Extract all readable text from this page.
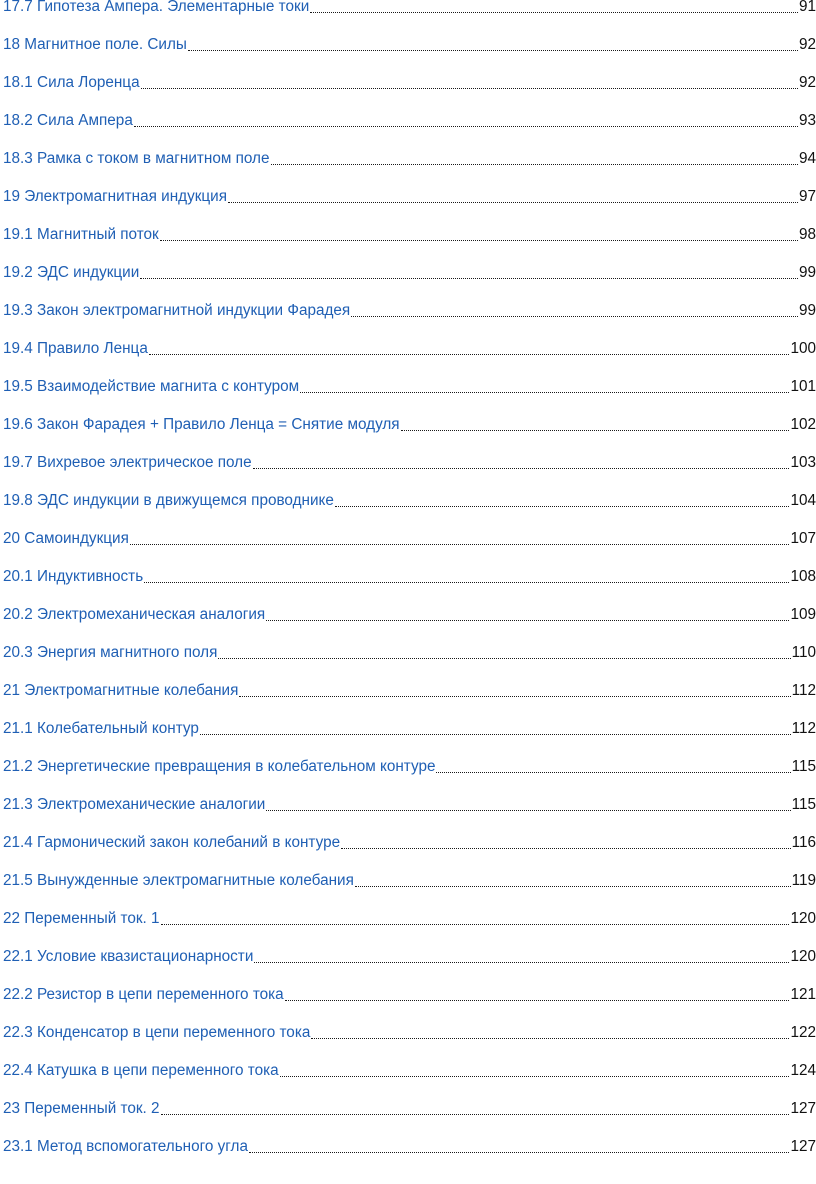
17.7 Гипотеза Ампера. Элементарные токи	91
18 Магнитное поле. Силы	92
18.1 Сила Лоренца	92
18.2 Сила Ампера	93
18.3 Рамка с током в магнитном поле	94
19 Электромагнитная индукция	97
19.1 Магнитный поток	98
19.2 ЭДС индукции	99
19.3 Закон электромагнитной индукции Фарадея	99
19.4 Правило Ленца	100
19.5 Взаимодействие магнита с контуром	101
19.6 Закон Фарадея + Правило Ленца = Снятие модуля	102
19.7 Вихревое электрическое поле	103
19.8 ЭДС индукции в движущемся проводнике	104
20 Самоиндукция	107
20.1 Индуктивность	108
20.2 Электромеханическая аналогия	109
20.3 Энергия магнитного поля	110
21 Электромагнитные колебания	112
21.1 Колебательный контур	112
21.2 Энергетические превращения в колебательном контуре	115
21.3 Электромеханические аналогии	115
21.4 Гармонический закон колебаний в контуре	116
21.5 Вынужденные электромагнитные колебания	119
22 Переменный ток. 1	120
22.1 Условие квазистационарности	120
22.2 Резистор в цепи переменного тока	121
22.3 Конденсатор в цепи переменного тока	122
22.4 Катушка в цепи переменного тока	124
23 Переменный ток. 2	127
23.1 Метод вспомогательного угла	127
